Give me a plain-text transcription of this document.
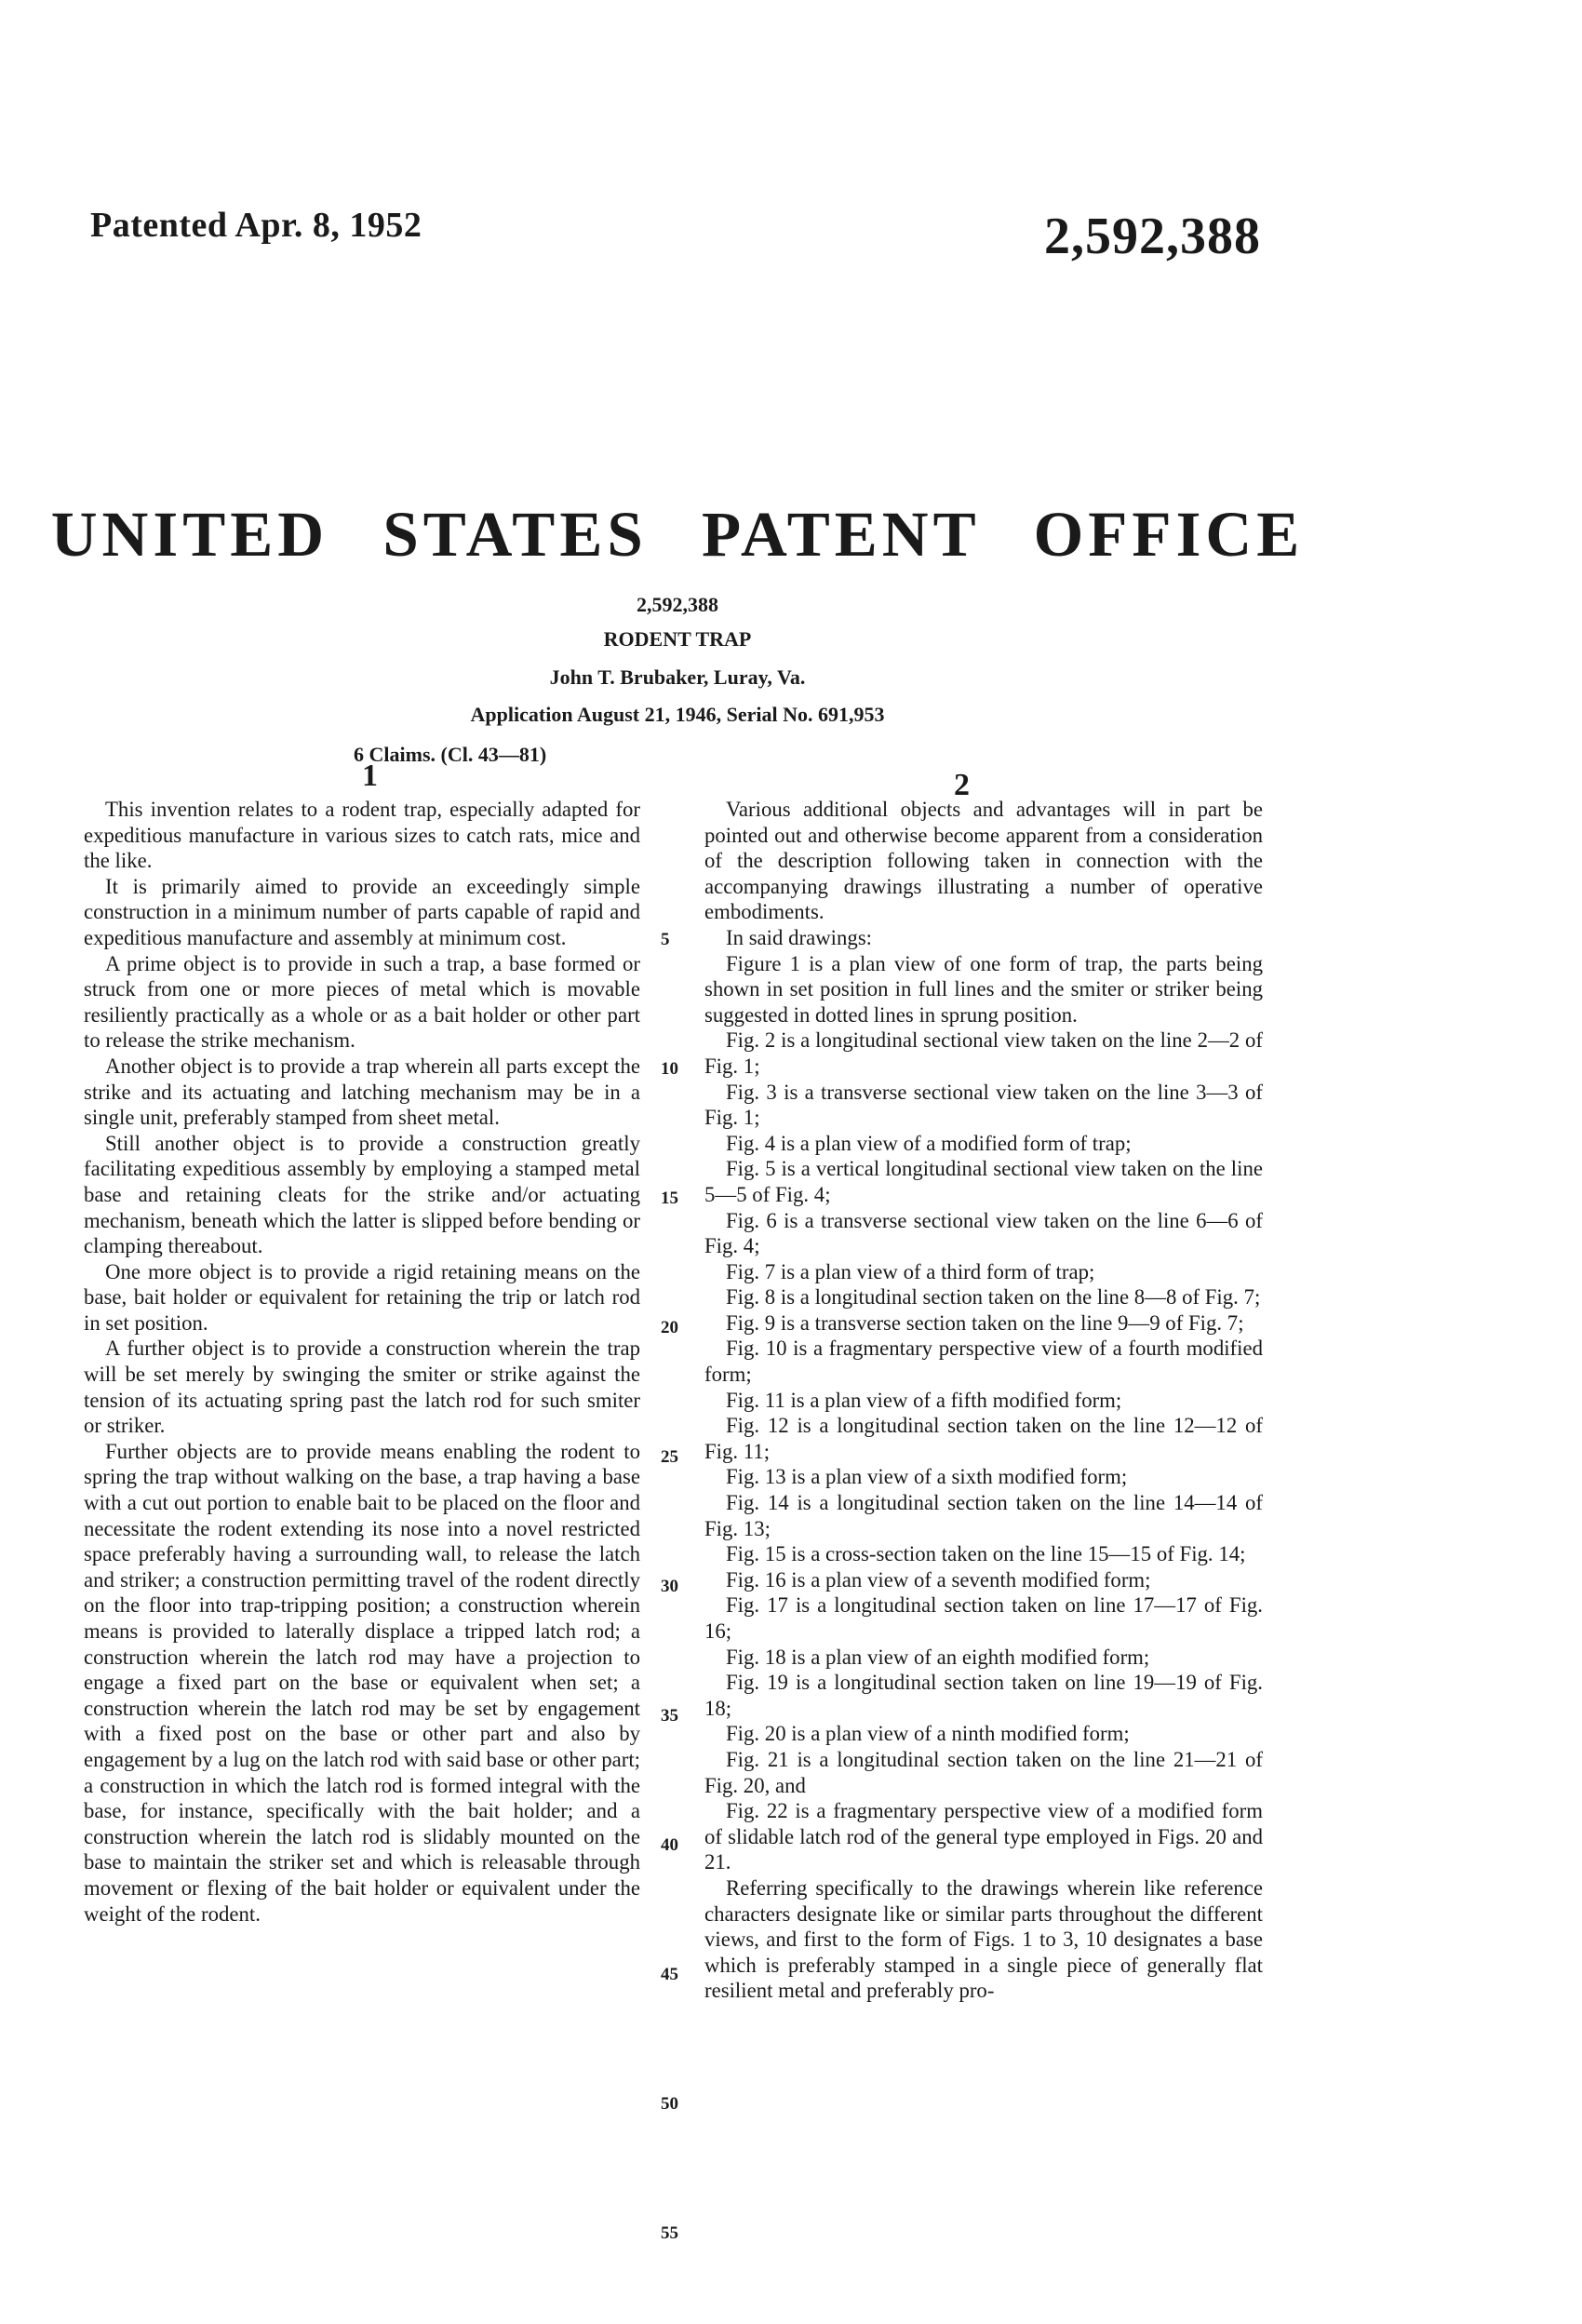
Patented Apr. 8, 1952	2,592,388
UNITED STATES PATENT OFFICE
2,592,388
RODENT TRAP
John T. Brubaker, Luray, Va.
Application August 21, 1946, Serial No. 691,953
6 Claims. (Cl. 43—81)
1	2

This invention relates to a rodent trap, especially adapted for expeditious manufacture in various sizes to catch rats, mice and the like.

It is primarily aimed to provide an exceedingly simple construction in a minimum number of parts capable of rapid and expeditious manufacture and assembly at minimum cost.

A prime object is to provide in such a trap, a base formed or struck from one or more pieces of metal which is movable resiliently practically as a whole or as a bait holder or other part to release the strike mechanism.

Another object is to provide a trap wherein all parts except the strike and its actuating and latching mechanism may be in a single unit, preferably stamped from sheet metal.

Still another object is to provide a construction greatly facilitating expeditious assembly by employing a stamped metal base and retaining cleats for the strike and/or actuating mechanism, beneath which the latter is slipped before bending or clamping thereabout.

One more object is to provide a rigid retaining means on the base, bait holder or equivalent for retaining the trip or latch rod in set position.

A further object is to provide a construction wherein the trap will be set merely by swinging the smiter or strike against the tension of its actuating spring past the latch rod for such smiter or striker.

Further objects are to provide means enabling the rodent to spring the trap without walking on the base, a trap having a base with a cut out portion to enable bait to be placed on the floor and necessitate the rodent extending its nose into a novel restricted space preferably having a surrounding wall, to release the latch and striker; a construction permitting travel of the rodent directly on the floor into trap-tripping position; a construction wherein means is provided to laterally displace a tripped latch rod; a construction wherein the latch rod may have a projection to engage a fixed part on the base or equivalent when set; a construction wherein the latch rod may be set by engagement with a fixed post on the base or other part and also by engagement by a lug on the latch rod with said base or other part; a construction in which the latch rod is formed integral with the base, for instance, specifically with the bait holder; and a construction wherein the latch rod is slidably mounted on the base to maintain the striker set and which is releasable through movement or flexing of the bait holder or equivalent under the weight of the rodent.

Various additional objects and advantages will in part be pointed out and otherwise become apparent from a consideration of the description following taken in connection with the accompanying drawings illustrating a number of operative embodiments.

In said drawings:

Figure 1 is a plan view of one form of trap, the parts being shown in set position in full lines and the smiter or striker being suggested in dotted lines in sprung position.

Fig. 2 is a longitudinal sectional view taken on the line 2—2 of Fig. 1;

Fig. 3 is a transverse sectional view taken on the line 3—3 of Fig. 1;

Fig. 4 is a plan view of a modified form of trap;

Fig. 5 is a vertical longitudinal sectional view taken on the line 5—5 of Fig. 4;

Fig. 6 is a transverse sectional view taken on the line 6—6 of Fig. 4;

Fig. 7 is a plan view of a third form of trap;

Fig. 8 is a longitudinal section taken on the line 8—8 of Fig. 7;

Fig. 9 is a transverse section taken on the line 9—9 of Fig. 7;

Fig. 10 is a fragmentary perspective view of a fourth modified form;

Fig. 11 is a plan view of a fifth modified form;

Fig. 12 is a longitudinal section taken on the line 12—12 of Fig. 11;

Fig. 13 is a plan view of a sixth modified form;

Fig. 14 is a longitudinal section taken on the line 14—14 of Fig. 13;

Fig. 15 is a cross-section taken on the line 15—15 of Fig. 14;

Fig. 16 is a plan view of a seventh modified form;

Fig. 17 is a longitudinal section taken on line 17—17 of Fig. 16;

Fig. 18 is a plan view of an eighth modified form;

Fig. 19 is a longitudinal section taken on line 19—19 of Fig. 18;

Fig. 20 is a plan view of a ninth modified form;

Fig. 21 is a longitudinal section taken on the line 21—21 of Fig. 20, and

Fig. 22 is a fragmentary perspective view of a modified form of slidable latch rod of the general type employed in Figs. 20 and 21.

Referring specifically to the drawings wherein like reference characters designate like or similar parts throughout the different views, and first to the form of Figs. 1 to 3, 10 designates a base which is preferably stamped in a single piece of generally flat resilient metal and preferably pro-

5
10
15
20
25
30
35
40
45
50
55
